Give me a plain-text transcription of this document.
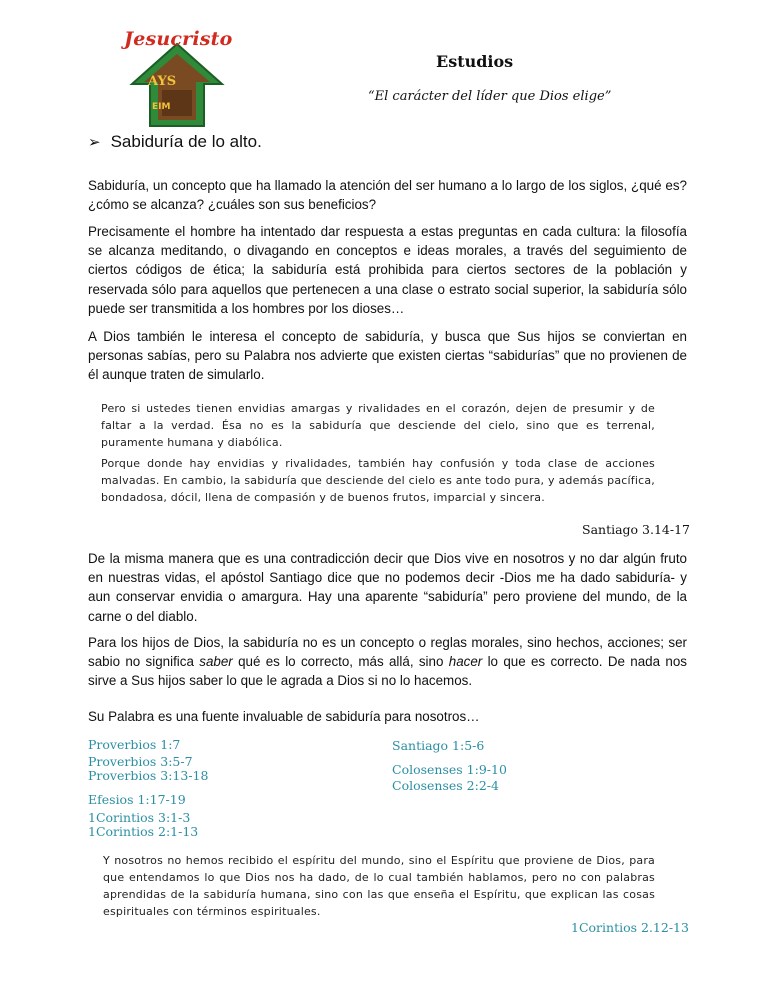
Jesucristo
AYS
EIM
Estudios
“El carácter del líder que Dios elige”
➢ Sabiduría de lo alto.

Sabiduría, un concepto que ha llamado la atención del ser humano a lo largo de los siglos, ¿qué es? ¿cómo se alcanza? ¿cuáles son sus beneficios?

Precisamente el hombre ha intentado dar respuesta a estas preguntas en cada cultura: la filosofía se alcanza meditando, o divagando en conceptos e ideas morales, a través del seguimiento de ciertos códigos de ética; la sabiduría está prohibida para ciertos sectores de la población y reservada sólo para aquellos que pertenecen a una clase o estrato social superior, la sabiduría sólo puede ser transmitida a los hombres por los dioses…

A Dios también le interesa el concepto de sabiduría, y busca que Sus hijos se conviertan en personas sabías, pero su Palabra nos advierte que existen ciertas “sabidurías” que no provienen de él aunque traten de simularlo.

Pero si ustedes tienen envidias amargas y rivalidades en el corazón, dejen de presumir y de faltar a la verdad. Ésa no es la sabiduría que desciende del cielo, sino que es terrenal, puramente humana y diabólica.

Porque donde hay envidias y rivalidades, también hay confusión y toda clase de acciones malvadas. En cambio, la sabiduría que desciende del cielo es ante todo pura, y además pacífica, bondadosa, dócil, llena de compasión y de buenos frutos, imparcial y sincera.

Santiago 3.14-17

De la misma manera que es una contradicción decir que Dios vive en nosotros y no dar algún fruto en nuestras vidas, el apóstol Santiago dice que no podemos decir -Dios me ha dado sabiduría- y aun conservar envidia o amargura. Hay una aparente “sabiduría” pero proviene del mundo, de la carne o del diablo.

Para los hijos de Dios, la sabiduría no es un concepto o reglas morales, sino hechos, acciones; ser sabio no significa saber qué es lo correcto, más allá, sino hacer lo que es correcto. De nada nos sirve a Sus hijos saber lo que le agrada a Dios si no lo hacemos.

Su Palabra es una fuente invaluable de sabiduría para nosotros…

Proverbios 1:7
Proverbios 3:5-7
Proverbios 3:13-18
Efesios 1:17-19
1Corintios 3:1-3
1Corintios 2:1-13
Santiago 1:5-6
Colosenses 1:9-10
Colosenses 2:2-4

Y nosotros no hemos recibido el espíritu del mundo, sino el Espíritu que proviene de Dios, para que entendamos lo que Dios nos ha dado, de lo cual también hablamos, pero no con palabras aprendidas de la sabiduría humana, sino con las que enseña el Espíritu, que explican las cosas espirituales con términos espirituales.

1Corintios 2.12-13
